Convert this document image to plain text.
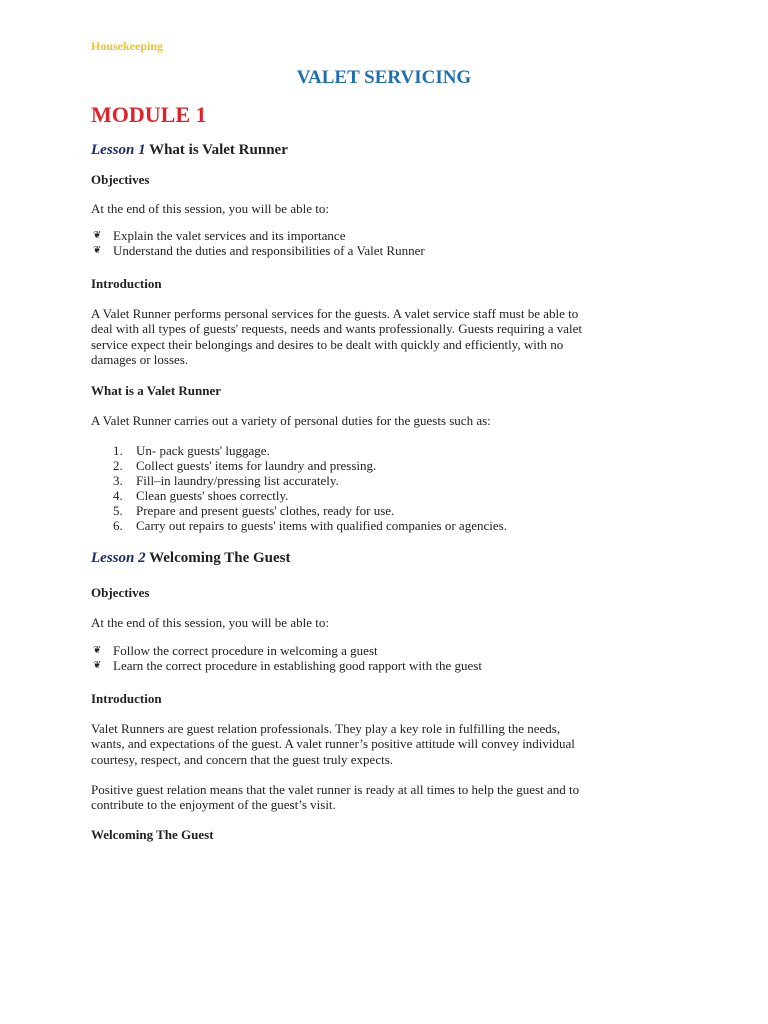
Housekeeping
VALET SERVICING
MODULE 1
Lesson 1 What is Valet Runner
Objectives
At the end of this session, you will be able to:
❦ Explain the valet services and its importance
❦ Understand the duties and responsibilities of a Valet Runner
Introduction
A Valet Runner performs personal services for the guests. A valet service staff must be able to
deal with all types of guests' requests, needs and wants professionally. Guests requiring a valet
service expect their belongings and desires to be dealt with quickly and efficiently, with no
damages or losses.
What is a Valet Runner
A Valet Runner carries out a variety of personal duties for the guests such as:
1. Un- pack guests' luggage.
2. Collect guests' items for laundry and pressing.
3. Fill–in laundry/pressing list accurately.
4. Clean guests' shoes correctly.
5. Prepare and present guests' clothes, ready for use.
6. Carry out repairs to guests' items with qualified companies or agencies.
Lesson 2 Welcoming The Guest
Objectives
At the end of this session, you will be able to:
❦ Follow the correct procedure in welcoming a guest
❦ Learn the correct procedure in establishing good rapport with the guest
Introduction
Valet Runners are guest relation professionals. They play a key role in fulfilling the needs,
wants, and expectations of the guest. A valet runner’s positive attitude will convey individual
courtesy, respect, and concern that the guest truly expects.
Positive guest relation means that the valet runner is ready at all times to help the guest and to
contribute to the enjoyment of the guest’s visit.
Welcoming The Guest
